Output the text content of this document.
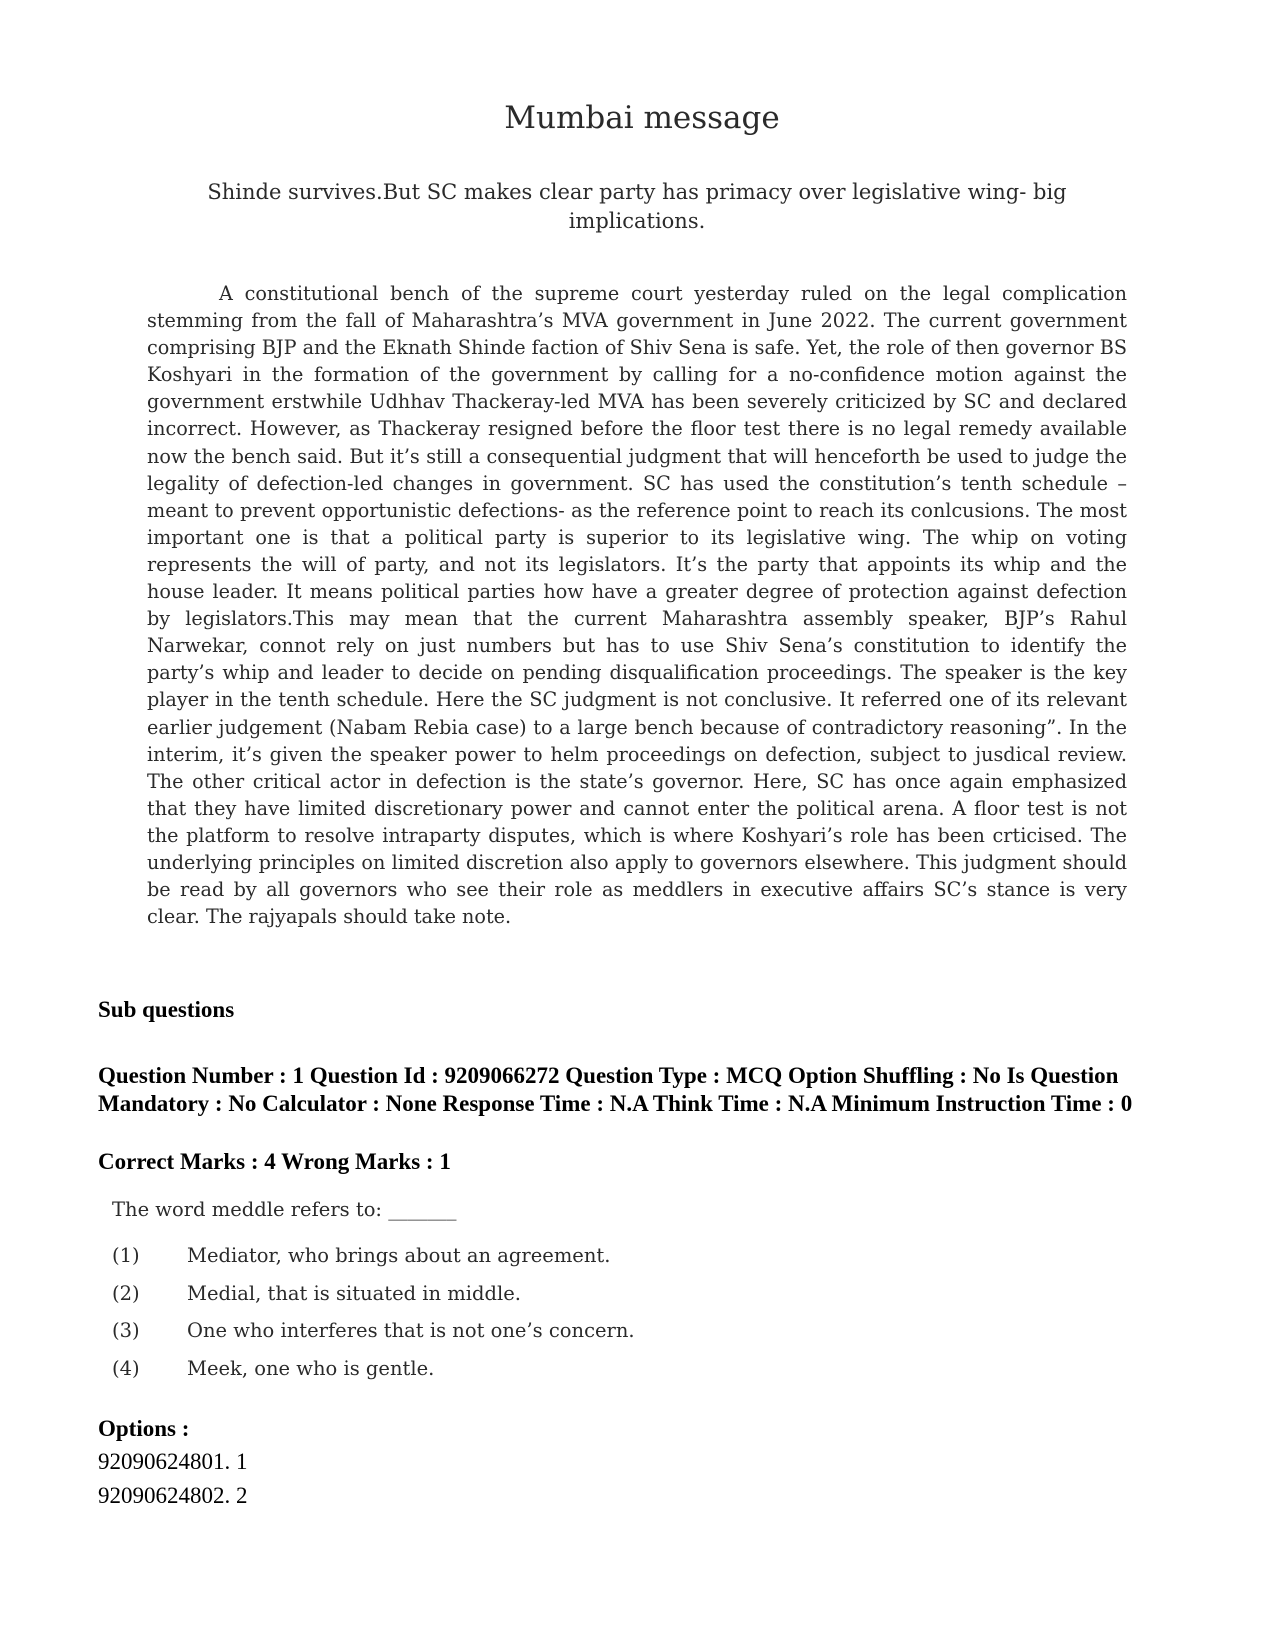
Mumbai message
Shinde survives.But SC makes clear party has primacy over legislative wing- big implications.

A constitutional bench of the supreme court yesterday ruled on the legal complication stemming from the fall of Maharashtra’s MVA government in June 2022. The current government comprising BJP and the Eknath Shinde faction of Shiv Sena is safe. Yet, the role of then governor BS Koshyari in the formation of the government by calling for a no-confidence motion against the government erstwhile Udhhav Thackeray-led MVA has been severely criticized by SC and declared incorrect. However, as Thackeray resigned before the floor test there is no legal remedy available now the bench said. But it’s still a consequential judgment that will henceforth be used to judge the legality of defection-led changes in government. SC has used the constitution’s tenth schedule –meant to prevent opportunistic defections- as the reference point to reach its conlcusions. The most important one is that a political party is superior to its legislative wing. The whip on voting represents the will of party, and not its legislators. It’s the party that appoints its whip and the house leader. It means political parties how have a greater degree of protection against defection by legislators.This may mean that the current Maharashtra assembly speaker, BJP’s Rahul Narwekar, connot rely on just numbers but has to use Shiv Sena’s constitution to identify the party’s whip and leader to decide on pending disqualification proceedings. The speaker is the key player in the tenth schedule. Here the SC judgment is not conclusive. It referred one of its relevant earlier judgement (Nabam Rebia case) to a large bench because of contradictory reasoning”. In the interim, it’s given the speaker power to helm proceedings on defection, subject to jusdical review. The other critical actor in defection is the state’s governor. Here, SC has once again emphasized that they have limited discretionary power and cannot enter the political arena. A floor test is not the platform to resolve intraparty disputes, which is where Koshyari’s role has been crticised. The underlying principles on limited discretion also apply to governors elsewhere. This judgment should be read by all governors who see their role as meddlers in executive affairs SC’s stance is very clear. The rajyapals should take note.

Sub questions
Question Number : 1 Question Id : 9209066272 Question Type : MCQ Option Shuffling : No Is Question Mandatory : No Calculator : None Response Time : N.A Think Time : N.A Minimum Instruction Time : 0
Correct Marks : 4 Wrong Marks : 1
The word meddle refers to: _______
(1)	Mediator, who brings about an agreement.
(2)	Medial, that is situated in middle.
(3)	One who interferes that is not one’s concern.
(4)	Meek, one who is gentle.
Options :
92090624801. 1
92090624802. 2
